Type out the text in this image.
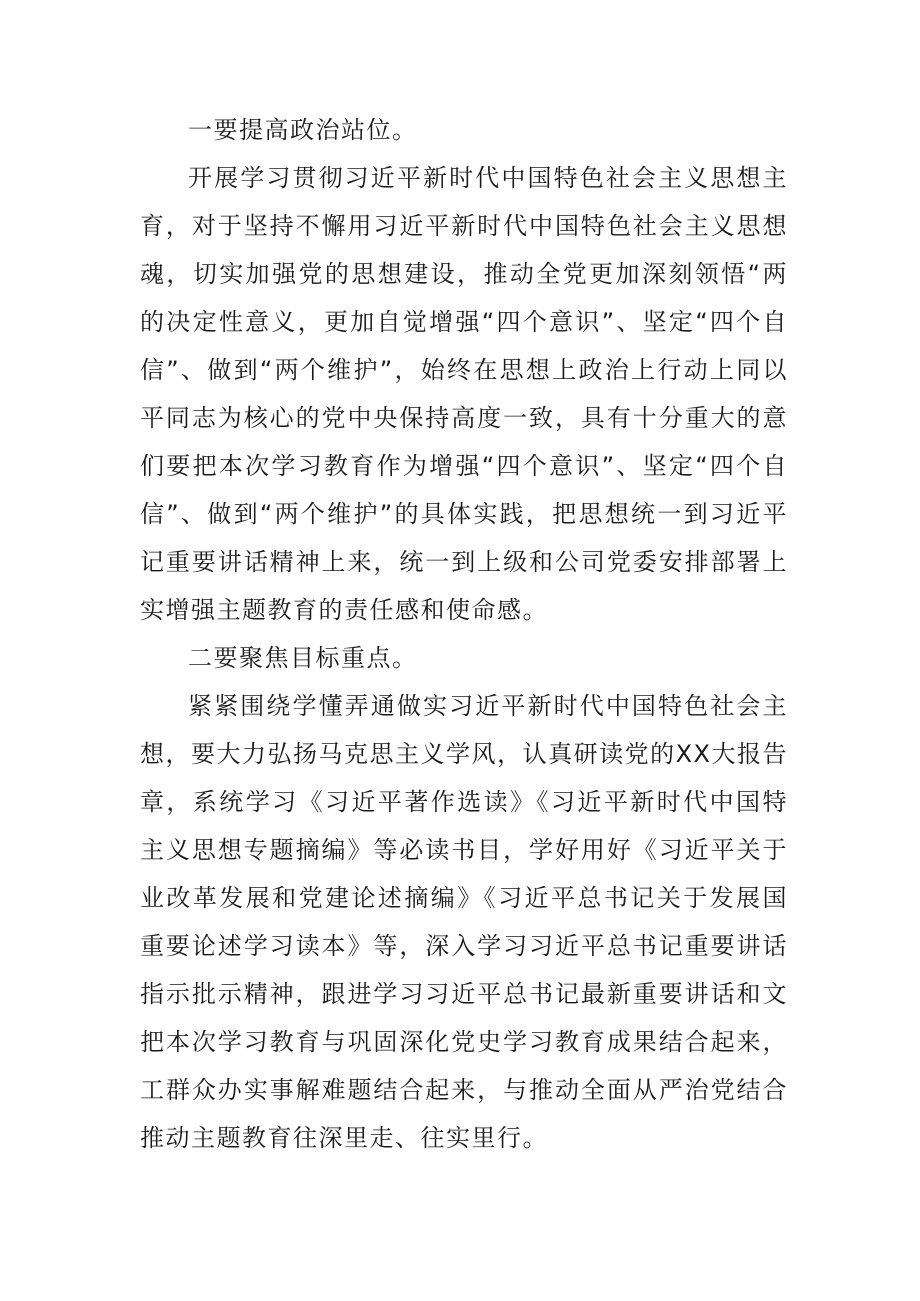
一要提高政治站位。
开展学习贯彻习近平新时代中国特色社会主义思想主
育，对于坚持不懈用习近平新时代中国特色社会主义思想
魂，切实加强党的思想建设，推动全党更加深刻领悟“两
的决定性意义，更加自觉增强“四个意识”、坚定“四个自
信”、做到“两个维护”，始终在思想上政治上行动上同以
平同志为核心的党中央保持高度一致，具有十分重大的意
们要把本次学习教育作为增强“四个意识”、坚定“四个自
信”、做到“两个维护”的具体实践，把思想统一到习近平
记重要讲话精神上来，统一到上级和公司党委安排部署上
实增强主题教育的责任感和使命感。
二要聚焦目标重点。
紧紧围绕学懂弄通做实习近平新时代中国特色社会主
想，要大力弘扬马克思主义学风，认真研读党的XX大报告
章，系统学习《习近平著作选读》《习近平新时代中国特
主义思想专题摘编》等必读书目，学好用好《习近平关于
业改革发展和党建论述摘编》《习近平总书记关于发展国
重要论述学习读本》等，深入学习习近平总书记重要讲话
指示批示精神，跟进学习习近平总书记最新重要讲话和文
把本次学习教育与巩固深化党史学习教育成果结合起来，
工群众办实事解难题结合起来，与推动全面从严治党结合
推动主题教育往深里走、往实里行。
